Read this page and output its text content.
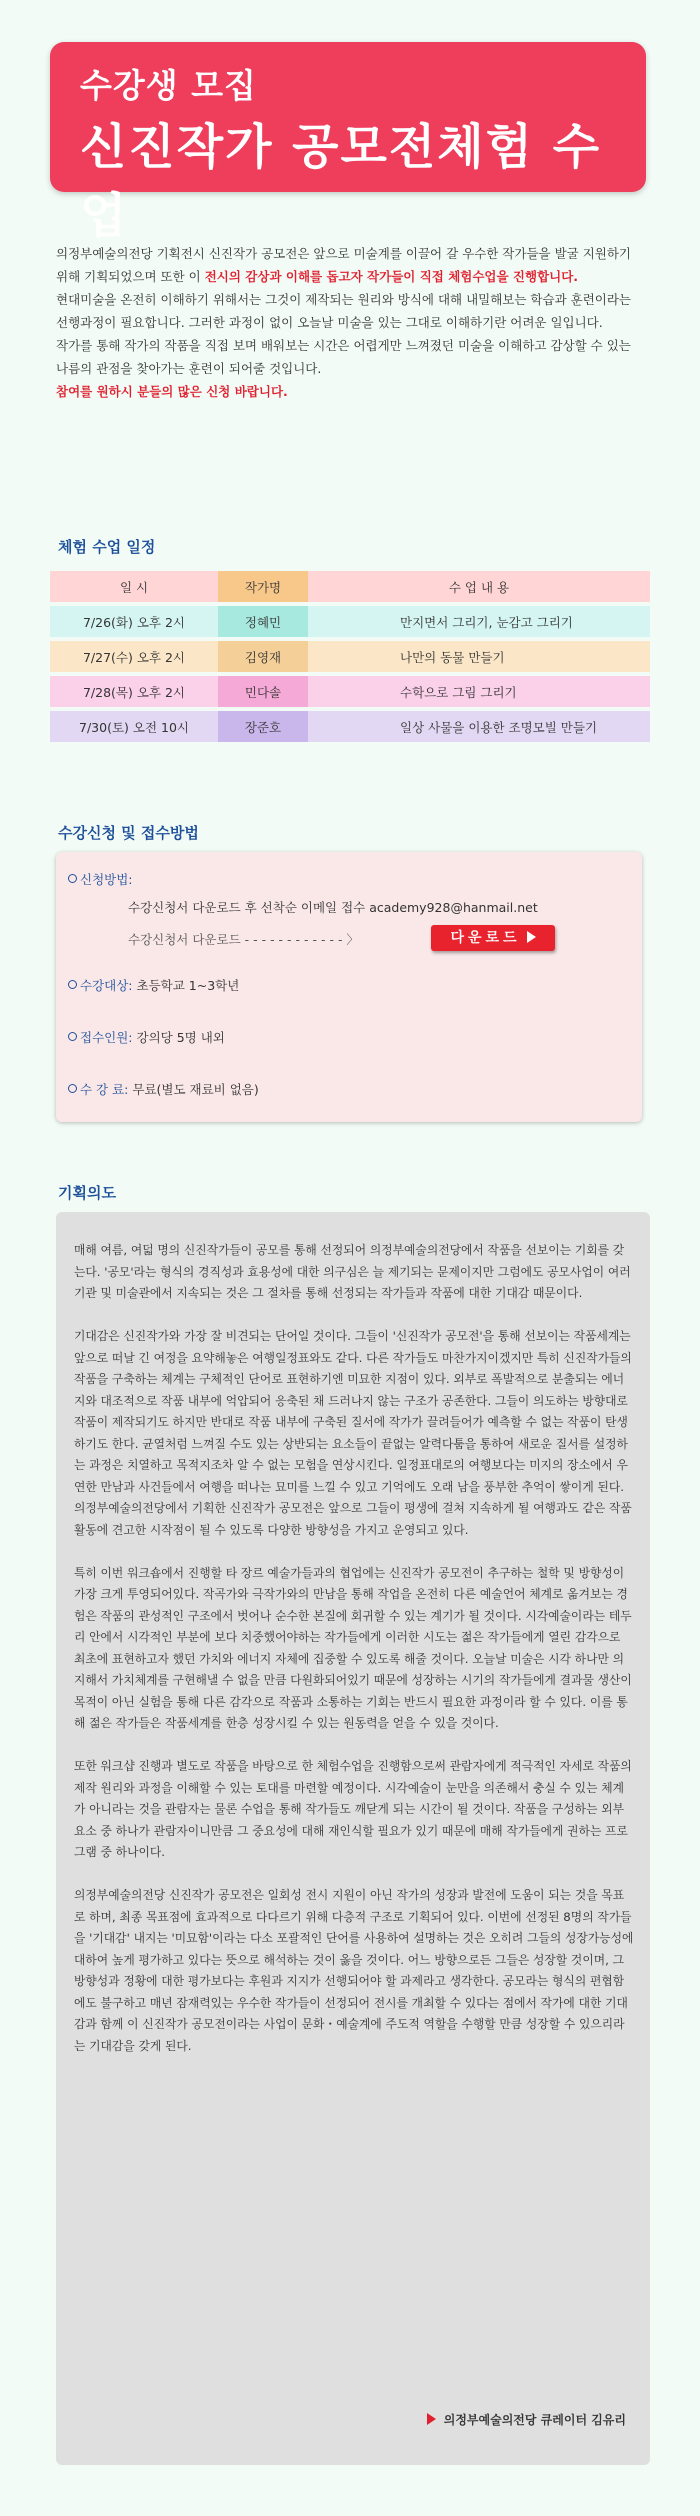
수강생 모집
신진작가 공모전체험 수업

의정부예술의전당 기획전시 신진작가 공모전은 앞으로 미술계를 이끌어 갈 우수한 작가들을 발굴 지원하기 위해 기획되었으며 또한 이 전시의 감상과 이해를 돕고자 작가들이 직접 체험수업을 진행합니다.

현대미술을 온전히 이해하기 위해서는 그것이 제작되는 원리와 방식에 대해 내밀해보는 학습과 훈련이라는 선행과정이 필요합니다. 그러한 과정이 없이 오늘날 미술을 있는 그대로 이해하기란 어려운 일입니다.

작가를 통해 작가의 작품을 직접 보며 배워보는 시간은 어렵게만 느껴졌던 미술을 이해하고 감상할 수 있는 나름의 관점을 찾아가는 훈련이 되어줄 것입니다.

참여를 원하시 분들의 많은 신청 바랍니다.

체험 수업 일정
일 시	작가명	수 업 내 용
7/26(화) 오후 2시	정혜민	만지면서 그리기, 눈감고 그리기
7/27(수) 오후 2시	김영재	나만의 동물 만들기
7/28(목) 오후 2시	민다솔	수학으로 그림 그리기
7/30(토) 오전 10시	장준호	일상 사물을 이용한 조명모빌 만들기
수강신청 및 접수방법
신청방법:
수강신청서 다운로드 후 선착순 이메일 접수 academy928@hanmail.net
수강신청서 다운로드 - - - - - - - - - - - - 〉	다운로드
수강대상: 초등학교 1~3학년
접수인원: 강의당 5명 내외
수 강 료: 무료(별도 재료비 없음)
기획의도

매해 여름, 여덟 명의 신진작가들이 공모를 통해 선정되어 의정부예술의전당에서 작품을 선보이는 기회를 갖는다. '공모'라는 형식의 경직성과 효용성에 대한 의구심은 늘 제기되는 문제이지만 그럼에도 공모사업이 여러 기관 및 미술관에서 지속되는 것은 그 절차를 통해 선정되는 작가들과 작품에 대한 기대감 때문이다.

기대감은 신진작가와 가장 잘 비견되는 단어일 것이다. 그들이 '신진작가 공모전'을 통해 선보이는 작품세계는 앞으로 떠날 긴 여정을 요약해놓은 여행일정표와도 같다. 다른 작가들도 마찬가지이겠지만 특히 신진작가들의 작품을 구축하는 체계는 구체적인 단어로 표현하기엔 미묘한 지점이 있다. 외부로 폭발적으로 분출되는 에너지와 대조적으로 작품 내부에 억압되어 응축된 채 드러나지 않는 구조가 공존한다. 그들이 의도하는 방향대로 작품이 제작되기도 하지만 반대로 작품 내부에 구축된 질서에 작가가 끌려들어가 예측할 수 없는 작품이 탄생하기도 한다. 균열처럼 느껴질 수도 있는 상반되는 요소들이 끝없는 알력다툼을 통하여 새로운 질서를 설정하는 과정은 치열하고 목적지조차 알 수 없는 모험을 연상시킨다. 일정표대로의 여행보다는 미지의 장소에서 우연한 만남과 사건들에서 여행을 떠나는 묘미를 느낄 수 있고 기억에도 오래 남을 풍부한 추억이 쌓이게 된다. 의정부예술의전당에서 기획한 신진작가 공모전은 앞으로 그들이 평생에 걸쳐 지속하게 될 여행과도 같은 작품 활동에 견고한 시작점이 될 수 있도록 다양한 방향성을 가지고 운영되고 있다.

특히 이번 워크숍에서 진행할 타 장르 예술가들과의 협업에는 신진작가 공모전이 추구하는 철학 및 방향성이 가장 크게 투영되어있다. 작곡가와 극작가와의 만남을 통해 작업을 온전히 다른 예술언어 체계로 옮겨보는 경험은 작품의 관성적인 구조에서 벗어나 순수한 본질에 회귀할 수 있는 계기가 될 것이다. 시각예술이라는 테두리 안에서 시각적인 부분에 보다 치중했어야하는 작가들에게 이러한 시도는 젊은 작가들에게 열린 감각으로 최초에 표현하고자 했던 가치와 에너지 자체에 집중할 수 있도록 해줄 것이다. 오늘날 미술은 시각 하나만 의지해서 가치체계를 구현해낼 수 없을 만큼 다원화되어있기 때문에 성장하는 시기의 작가들에게 결과물 생산이 목적이 아닌 실험을 통해 다른 감각으로 작품과 소통하는 기회는 반드시 필요한 과정이라 할 수 있다. 이를 통해 젊은 작가들은 작품세계를 한층 성장시킬 수 있는 원동력을 얻을 수 있을 것이다.

또한 워크샵 진행과 별도로 작품을 바탕으로 한 체험수업을 진행함으로써 관람자에게 적극적인 자세로 작품의 제작 원리와 과정을 이해할 수 있는 토대를 마련할 예정이다. 시각예술이 눈만을 의존해서 충실 수 있는 체계가 아니라는 것을 관람자는 물론 수업을 통해 작가들도 깨닫게 되는 시간이 될 것이다. 작품을 구성하는 외부 요소 중 하나가 관람자이니만큼 그 중요성에 대해 재인식할 필요가 있기 때문에 매해 작가들에게 권하는 프로그램 중 하나이다.

의정부예술의전당 신진작가 공모전은 일회성 전시 지원이 아닌 작가의 성장과 발전에 도움이 되는 것을 목표로 하며, 최종 목표점에 효과적으로 다다르기 위해 다층적 구조로 기획되어 있다. 이번에 선정된 8명의 작가들을 '기대감' 내지는 '미묘함'이라는 다소 포괄적인 단어를 사용하여 설명하는 것은 오히려 그들의 성장가능성에 대하여 높게 평가하고 있다는 뜻으로 해석하는 것이 옳을 것이다. 어느 방향으로든 그들은 성장할 것이며, 그 방향성과 정황에 대한 평가보다는 후원과 지지가 선행되어야 할 과제라고 생각한다. 공모라는 형식의 편협함에도 불구하고 매년 잠재력있는 우수한 작가들이 선정되어 전시를 개최할 수 있다는 점에서 작가에 대한 기대감과 함께 이 신진작가 공모전이라는 사업이 문화・예술계에 주도적 역할을 수행할 만큼 성장할 수 있으리라는 기대감을 갖게 된다.

의정부예술의전당 큐레이터 김유리
